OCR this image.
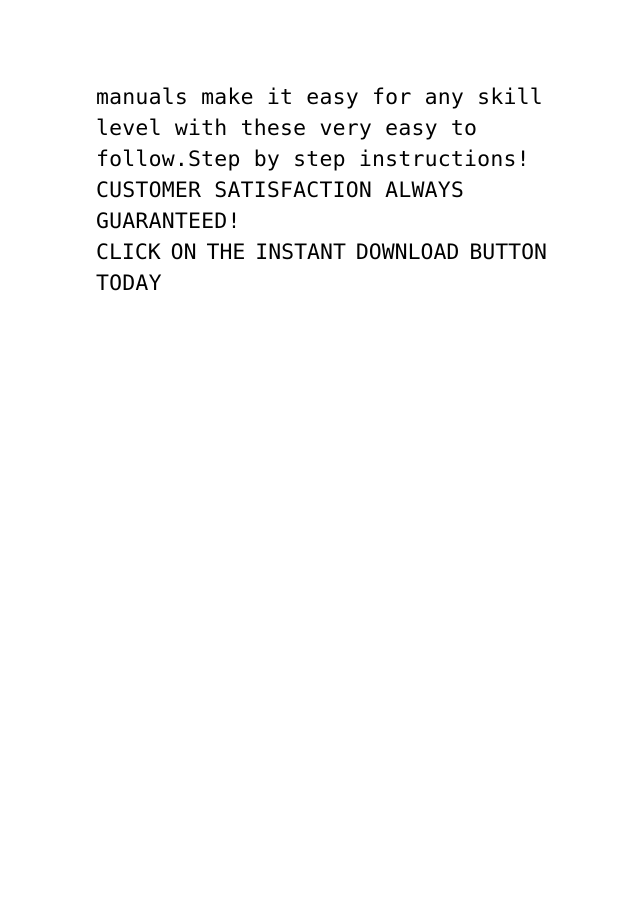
manuals make it easy for any skill
level with these very easy to
follow.Step by step instructions!
CUSTOMER SATISFACTION ALWAYS
GUARANTEED!
CLICK ON THE INSTANT DOWNLOAD BUTTON
TODAY
